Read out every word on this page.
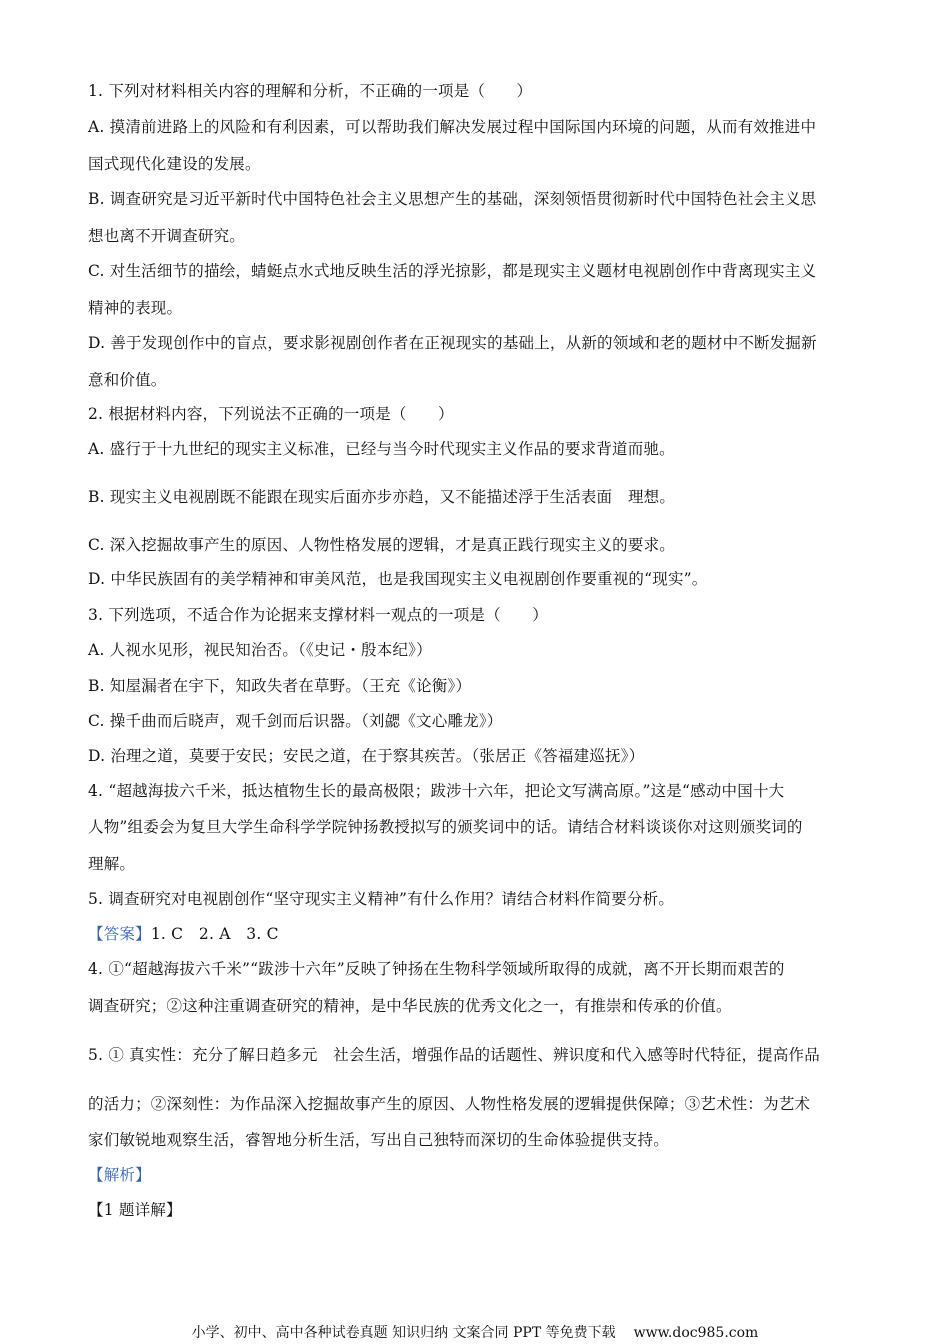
1. 下列对材料相关内容的理解和分析，不正确的一项是（　　）
A. 摸清前进路上的风险和有利因素，可以帮助我们解决发展过程中国际国内环境的问题，从而有效推进中
国式现代化建设的发展。
B. 调查研究是习近平新时代中国特色社会主义思想产生的基础，深刻领悟贯彻新时代中国特色社会主义思
想也离不开调查研究。
C. 对生活细节的描绘，蜻蜓点水式地反映生活的浮光掠影，都是现实主义题材电视剧创作中背离现实主义
精神的表现。
D. 善于发现创作中的盲点，要求影视剧创作者在正视现实的基础上，从新的领域和老的题材中不断发掘新
意和价值。
2. 根据材料内容，下列说法不正确的一项是（　　）
A. 盛行于十九世纪的现实主义标准，已经与当今时代现实主义作品的要求背道而驰。
B. 现实主义电视剧既不能跟在现实后面亦步亦趋，又不能描述浮于生活表面　理想。
C. 深入挖掘故事产生的原因、人物性格发展的逻辑，才是真正践行现实主义的要求。
D. 中华民族固有的美学精神和审美风范，也是我国现实主义电视剧创作要重视的“现实”。
3. 下列选项，不适合作为论据来支撑材料一观点的一项是（　　）
A. 人视水见形，视民知治否。（《史记・殷本纪》）
B. 知屋漏者在宇下，知政失者在草野。（王充《论衡》）
C. 操千曲而后晓声，观千剑而后识器。（刘勰《文心雕龙》）
D. 治理之道，莫要于安民；安民之道，在于察其疾苦。（张居正《答福建巡抚》）
4. “超越海拔六千米，抵达植物生长的最高极限；跋涉十六年，把论文写满高原。”这是“感动中国十大
人物”组委会为复旦大学生命科学学院钟扬教授拟写的颁奖词中的话。请结合材料谈谈你对这则颁奖词的
理解。
5. 调查研究对电视剧创作“坚守现实主义精神”有什么作用？请结合材料作简要分析。
【答案】1. C　2. A　3. C
4. ①“超越海拔六千米”“跋涉十六年”反映了钟扬在生物科学领域所取得的成就，离不开长期而艰苦的
调查研究；②这种注重调查研究的精神，是中华民族的优秀文化之一，有推崇和传承的价值。
5. ① 真实性：充分了解日趋多元　社会生活，增强作品的话题性、辨识度和代入感等时代特征，提高作品
的活力；②深刻性：为作品深入挖掘故事产生的原因、人物性格发展的逻辑提供保障；③艺术性：为艺术
家们敏锐地观察生活，睿智地分析生活，写出自己独特而深切的生命体验提供支持。
【解析】
【1 题详解】
小学、初中、高中各种试卷真题 知识归纳 文案合同 PPT 等免费下载 www.doc985.com
